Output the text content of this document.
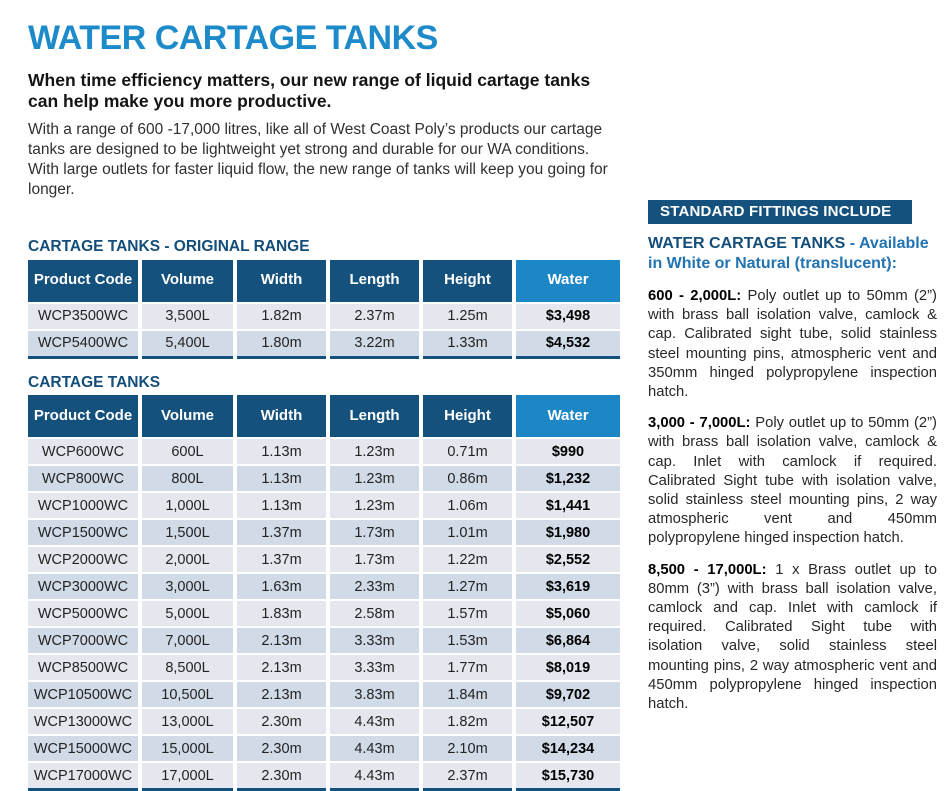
WATER CARTAGE TANKS

When time efficiency matters, our new range of liquid cartage tanks can help make you more productive.

With a range of 600 -17,000 litres, like all of West Coast Poly’s products our cartage tanks are designed to be lightweight yet strong and durable for our WA conditions. With large outlets for faster liquid flow, the new range of tanks will keep you going for longer.

CARTAGE TANKS - ORIGINAL RANGE
Product Code	Volume	Width	Length	Height	Water
WCP3500WC	3,500L	1.82m	2.37m	1.25m	$3,498
WCP5400WC	5,400L	1.80m	3.22m	1.33m	$4,532
CARTAGE TANKS
Product Code	Volume	Width	Length	Height	Water
WCP600WC	600L	1.13m	1.23m	0.71m	$990
WCP800WC	800L	1.13m	1.23m	0.86m	$1,232
WCP1000WC	1,000L	1.13m	1.23m	1.06m	$1,441
WCP1500WC	1,500L	1.37m	1.73m	1.01m	$1,980
WCP2000WC	2,000L	1.37m	1.73m	1.22m	$2,552
WCP3000WC	3,000L	1.63m	2.33m	1.27m	$3,619
WCP5000WC	5,000L	1.83m	2.58m	1.57m	$5,060
WCP7000WC	7,000L	2.13m	3.33m	1.53m	$6,864
WCP8500WC	8,500L	2.13m	3.33m	1.77m	$8,019
WCP10500WC	10,500L	2.13m	3.83m	1.84m	$9,702
WCP13000WC	13,000L	2.30m	4.43m	1.82m	$12,507
WCP15000WC	15,000L	2.30m	4.43m	2.10m	$14,234
WCP17000WC	17,000L	2.30m	4.43m	2.37m	$15,730
STANDARD FITTINGS INCLUDE

WATER CARTAGE TANKS - Available in White or Natural (translucent):

600 - 2,000L: Poly outlet up to 50mm (2”) with brass ball isolation valve, camlock & cap. Calibrated sight tube, solid stainless steel mounting pins, atmospheric vent and 350mm hinged polypropylene inspection hatch.

3,000 - 7,000L: Poly outlet up to 50mm (2”) with brass ball isolation valve, camlock & cap. Inlet with camlock if required. Calibrated Sight tube with isolation valve, solid stainless steel mounting pins, 2 way atmospheric vent and 450mm polypropylene hinged inspection hatch.

8,500 - 17,000L: 1 x Brass outlet up to 80mm (3”) with brass ball isolation valve, camlock and cap. Inlet with camlock if required. Calibrated Sight tube with isolation valve, solid stainless steel mounting pins, 2 way atmospheric vent and 450mm polypropylene hinged inspection hatch.
